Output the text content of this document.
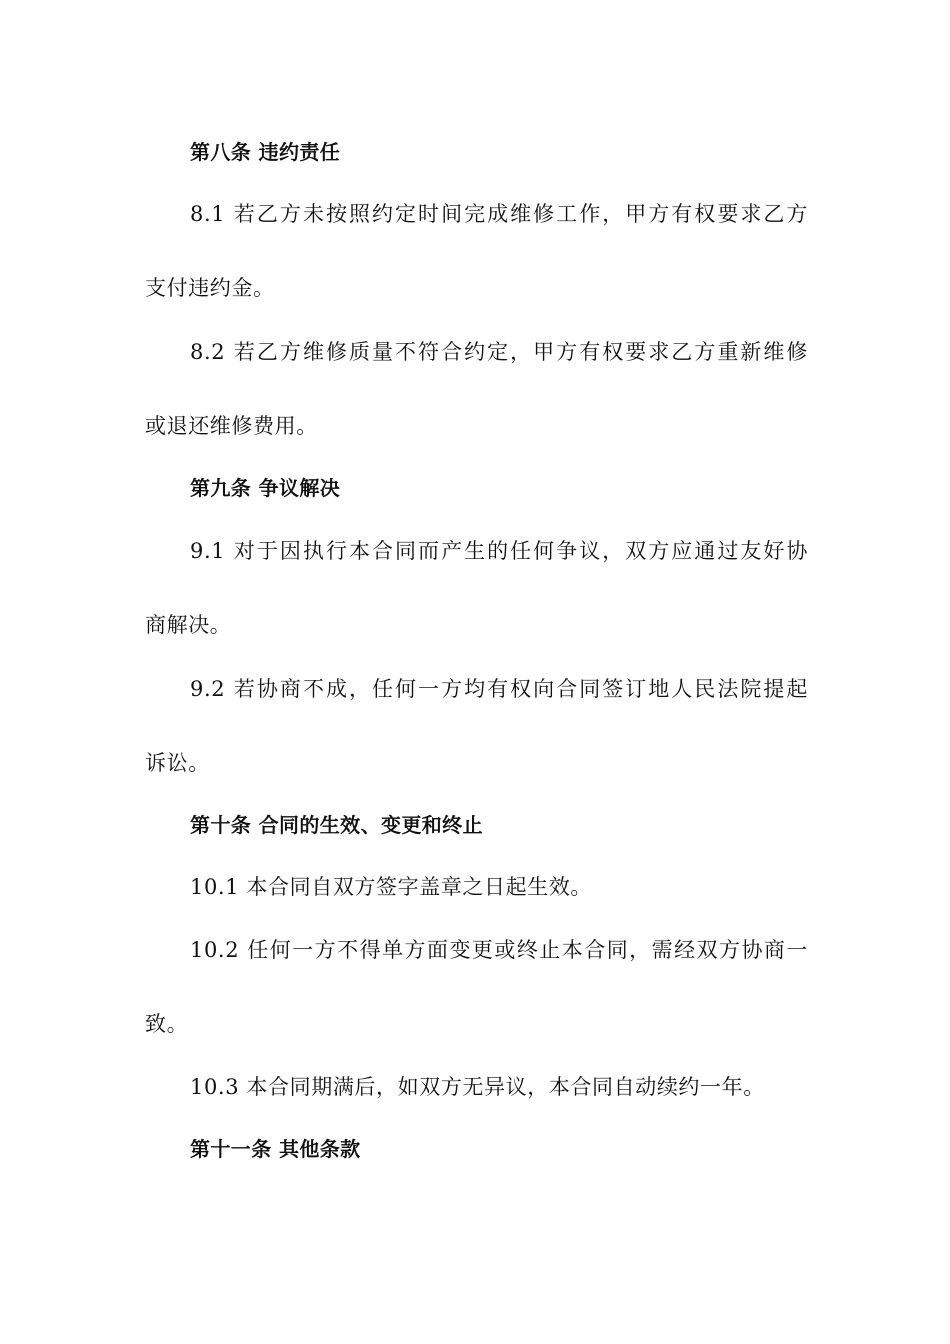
第八条 违约责任
8.1 若乙方未按照约定时间完成维修工作，甲方有权要求乙方
支付违约金。
8.2 若乙方维修质量不符合约定，甲方有权要求乙方重新维修
或退还维修费用。
第九条 争议解决
9.1 对于因执行本合同而产生的任何争议，双方应通过友好协
商解决。
9.2 若协商不成，任何一方均有权向合同签订地人民法院提起
诉讼。
第十条 合同的生效、变更和终止
10.1 本合同自双方签字盖章之日起生效。
10.2 任何一方不得单方面变更或终止本合同，需经双方协商一
致。
10.3 本合同期满后，如双方无异议，本合同自动续约一年。
第十一条 其他条款
